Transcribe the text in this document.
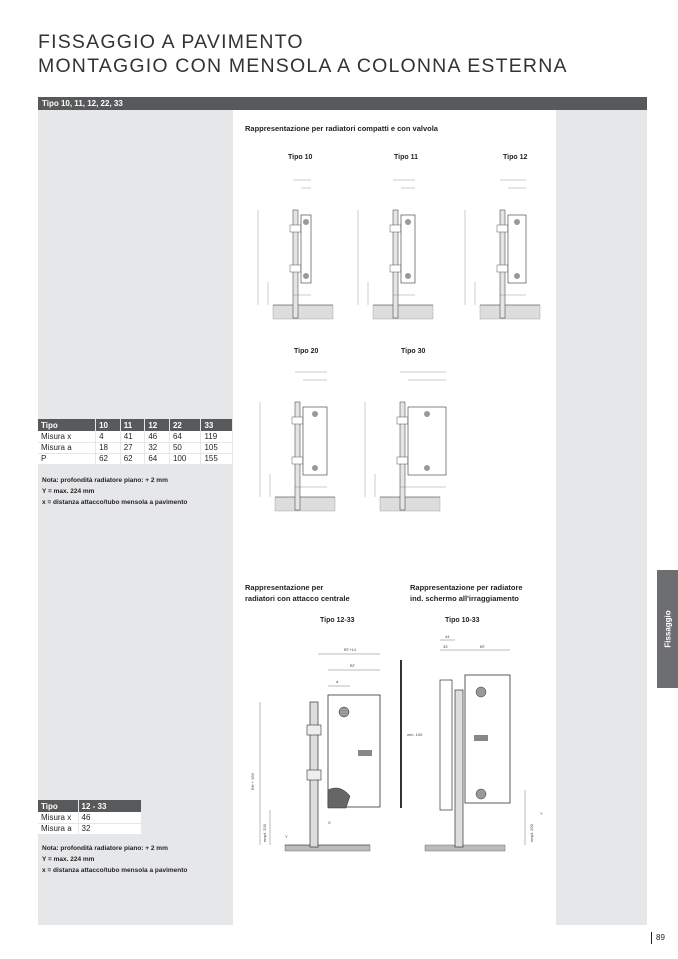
FISSAGGIO A PAVIMENTO
MONTAGGIO CON MENSOLA A COLONNA ESTERNA
Tipo 10, 11, 12, 22, 33
Fissaggio
Tipo	10	11	12	22	33
Misura x	4	41	46	64	119
Misura a	18	27	32	50	105
P	62	62	64	100	155
Nota: profondità radiatore piano: + 2 mm
Y = max. 224 mm
x = distanza attacco/tubo mensola a pavimento
Tipo	12 - 33
Misura x	46
Misura a	32
Nota: profondità radiatore piano: + 2 mm
Y = max. 224 mm
x = distanza attacco/tubo mensola a pavimento
Rappresentazione per radiatori compatti e con valvola
Tipo 10	Tipo 11	Tipo 12
Tipo 20	Tipo 30
Rappresentazione per
radiatori con attacco centrale
Rappresentazione per radiatore
ind. schermo all'irraggiamento
Tipo 12-33	Tipo 10-33
BT+14
BT
a
X
Y
BH + 160
empf. 200
44
33	BT
min. 100
empf. 200
Y
89
